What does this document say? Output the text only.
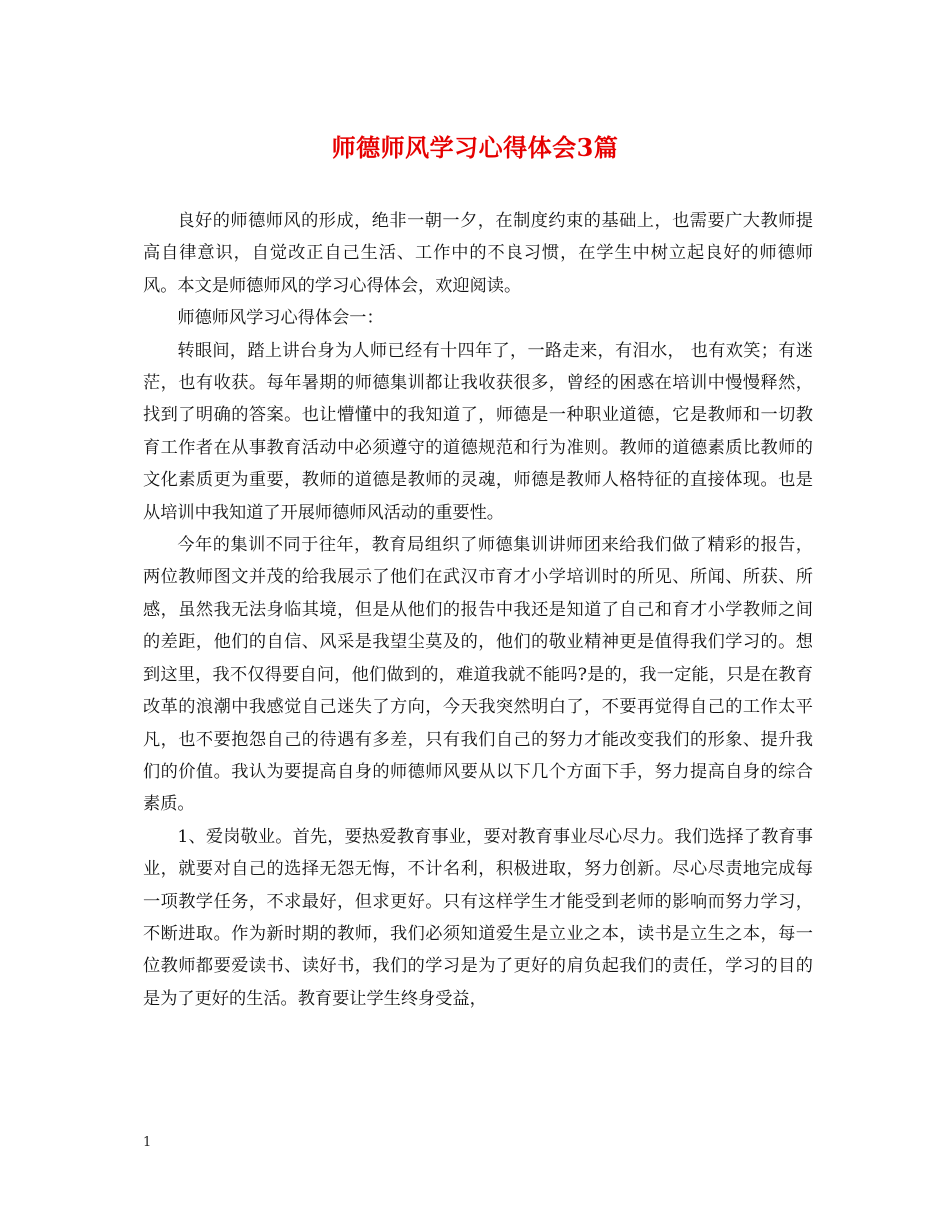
师德师风学习心得体会3篇

良好的师德师风的形成，绝非一朝一夕，在制度约束的基础上，也需要广大教师提高自律意识，自觉改正自己生活、工作中的不良习惯，在学生中树立起良好的师德师风。本文是师德师风的学习心得体会，欢迎阅读。

师德师风学习心得体会一：

转眼间，踏上讲台身为人师已经有十四年了，一路走来，有泪水， 也有欢笑；有迷茫，也有收获。每年暑期的师德集训都让我收获很多，曾经的困惑在培训中慢慢释然，找到了明确的答案。也让懵懂中的我知道了，师德是一种职业道德，它是教师和一切教育工作者在从事教育活动中必须遵守的道德规范和行为准则。教师的道德素质比教师的文化素质更为重要，教师的道德是教师的灵魂，师德是教师人格特征的直接体现。也是从培训中我知道了开展师德师风活动的重要性。

今年的集训不同于往年，教育局组织了师德集训讲师团来给我们做了精彩的报告，两位教师图文并茂的给我展示了他们在武汉市育才小学培训时的所见、所闻、所获、所感，虽然我无法身临其境，但是从他们的报告中我还是知道了自己和育才小学教师之间的差距，他们的自信、风采是我望尘莫及的，他们的敬业精神更是值得我们学习的。想到这里，我不仅得要自问，他们做到的，难道我就不能吗?是的，我一定能，只是在教育改革的浪潮中我感觉自己迷失了方向，今天我突然明白了，不要再觉得自己的工作太平凡，也不要抱怨自己的待遇有多差，只有我们自己的努力才能改变我们的形象、提升我们的价值。我认为要提高自身的师德师风要从以下几个方面下手，努力提高自身的综合素质。

1、爱岗敬业。首先，要热爱教育事业，要对教育事业尽心尽力。我们选择了教育事业，就要对自己的选择无怨无悔，不计名利，积极进取，努力创新。尽心尽责地完成每一项教学任务，不求最好，但求更好。只有这样学生才能受到老师的影响而努力学习，不断进取。作为新时期的教师，我们必须知道爱生是立业之本，读书是立生之本，每一位教师都要爱读书、读好书，我们的学习是为了更好的肩负起我们的责任，学习的目的是为了更好的生活。教育要让学生终身受益，

1
